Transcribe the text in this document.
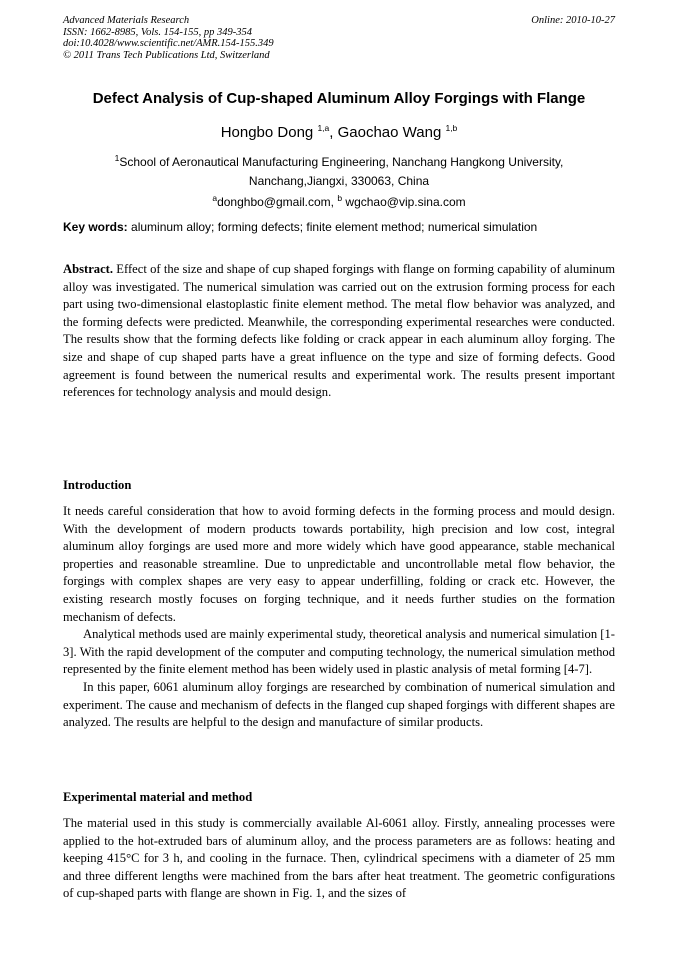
Advanced Materials Research
ISSN: 1662-8985, Vols. 154-155, pp 349-354
doi:10.4028/www.scientific.net/AMR.154-155.349
© 2011 Trans Tech Publications Ltd, Switzerland
Online: 2010-10-27
Defect Analysis of Cup-shaped Aluminum Alloy Forgings with Flange
Hongbo Dong $^{1,a}$, Gaochao Wang $^{1,b}$
$^1$School of Aeronautical Manufacturing Engineering, Nanchang Hangkong University,
Nanchang,Jiangxi, 330063, China
$^a$donghbo@gmail.com, $^b$ wgchao@vip.sina.com
Key words: aluminum alloy; forming defects; finite element method; numerical simulation
Abstract. Effect of the size and shape of cup shaped forgings with flange on forming capability of aluminum alloy was investigated. The numerical simulation was carried out on the extrusion forming process for each part using two-dimensional elastoplastic finite element method. The metal flow behavior was analyzed, and the forming defects were predicted. Meanwhile, the corresponding experimental researches were conducted. The results show that the forming defects like folding or crack appear in each aluminum alloy forging. The size and shape of cup shaped parts have a great influence on the type and size of forming defects. Good agreement is found between the numerical results and experimental work. The results present important references for technology analysis and mould design.
Introduction

It needs careful consideration that how to avoid forming defects in the forming process and mould design. With the development of modern products towards portability, high precision and low cost, integral aluminum alloy forgings are used more and more widely which have good appearance, stable mechanical properties and reasonable streamline. Due to unpredictable and uncontrollable metal flow behavior, the forgings with complex shapes are very easy to appear underfilling, folding or crack etc. However, the existing research mostly focuses on forging technique, and it needs further studies on the formation mechanism of defects.

Analytical methods used are mainly experimental study, theoretical analysis and numerical simulation [1-3]. With the rapid development of the computer and computing technology, the numerical simulation method represented by the finite element method has been widely used in plastic analysis of metal forming [4-7].

In this paper, 6061 aluminum alloy forgings are researched by combination of numerical simulation and experiment. The cause and mechanism of defects in the flanged cup shaped forgings with different shapes are analyzed. The results are helpful to the design and manufacture of similar products.

Experimental material and method

The material used in this study is commercially available Al-6061 alloy. Firstly, annealing processes were applied to the hot-extruded bars of aluminum alloy, and the process parameters are as follows: heating and keeping 415°C for 3 h, and cooling in the furnace. Then, cylindrical specimens with a diameter of 25 mm and three different lengths were machined from the bars after heat treatment. The geometric configurations of cup-shaped parts with flange are shown in Fig. 1, and the sizes of
